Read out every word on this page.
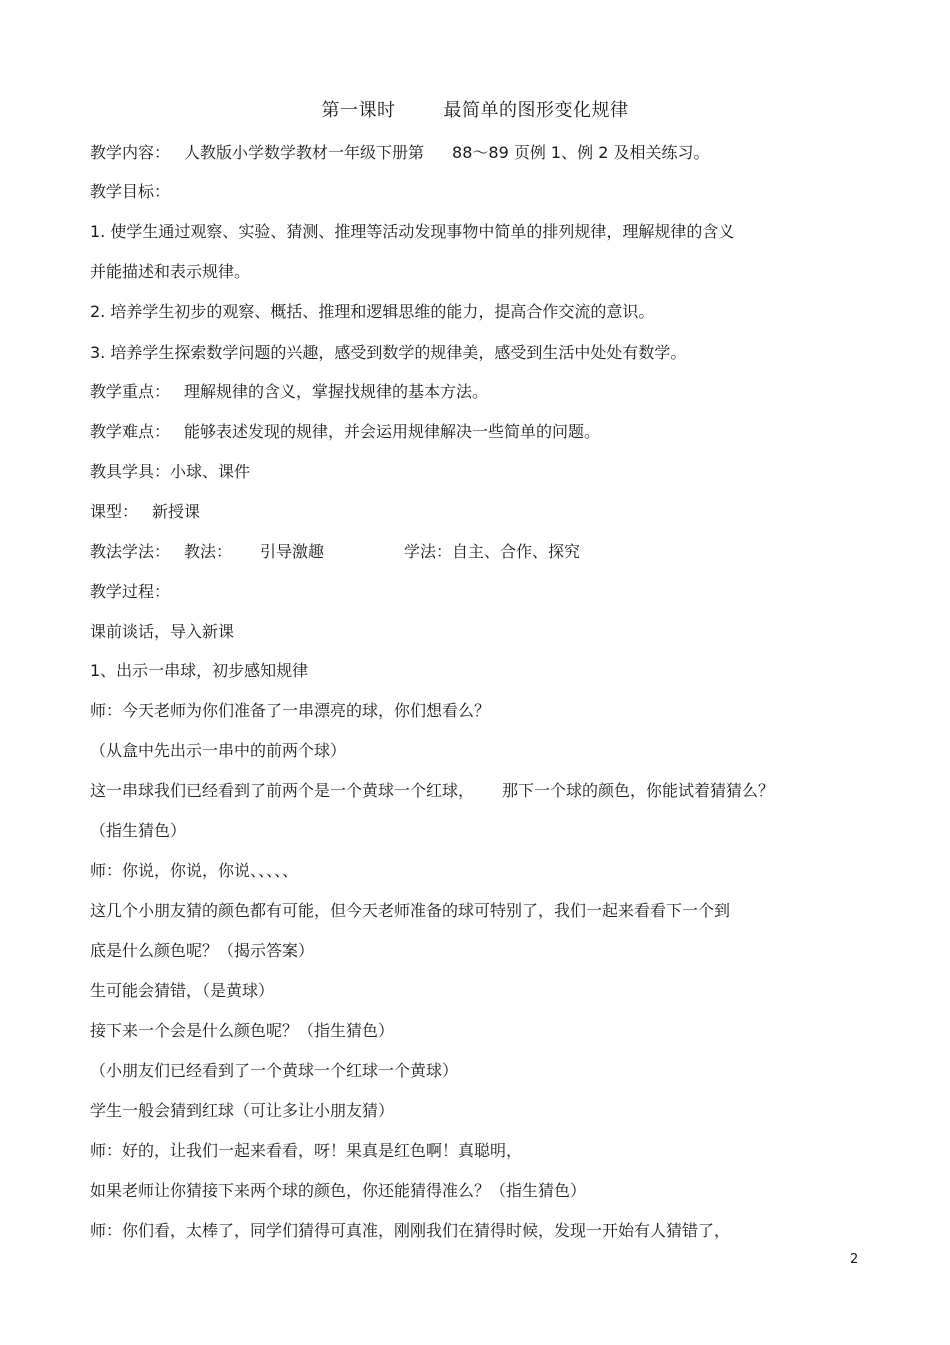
第一课时	最简单的图形变化规律
教学内容： 人教版小学数学教材一年级下册第 88～89 页例 1、例 2 及相关练习。
教学目标：
1. 使学生通过观察、实验、猜测、推理等活动发现事物中简单的排列规律，理解规律的含义
并能描述和表示规律。
2. 培养学生初步的观察、概括、推理和逻辑思维的能力，提高合作交流的意识。
3. 培养学生探索数学问题的兴趣，感受到数学的规律美，感受到生活中处处有数学。
教学重点： 理解规律的含义，掌握找规律的基本方法。
教学难点： 能够表述发现的规律，并会运用规律解决一些简单的问题。
教具学具：小球、课件
课型： 新授课
教法学法： 教法： 引导激趣	学法：自主、合作、探究
教学过程：
课前谈话，导入新课
1、出示一串球，初步感知规律
师：今天老师为你们准备了一串漂亮的球，你们想看么？
（从盒中先出示一串中的前两个球）
这一串球我们已经看到了前两个是一个黄球一个红球， 那下一个球的颜色，你能试着猜猜么？
（指生猜色）
师：你说，你说，你说、、、、、
这几个小朋友猜的颜色都有可能，但今天老师准备的球可特别了，我们一起来看看下一个到
底是什么颜色呢？（揭示答案）
生可能会猜错，（是黄球）
接下来一个会是什么颜色呢？（指生猜色）
（小朋友们已经看到了一个黄球一个红球一个黄球）
学生一般会猜到红球（可让多让小朋友猜）
师：好的，让我们一起来看看，呀！果真是红色啊！真聪明，
如果老师让你猜接下来两个球的颜色，你还能猜得准么？（指生猜色）
师：你们看，太棒了，同学们猜得可真准，刚刚我们在猜得时候，发现一开始有人猜错了，
2
